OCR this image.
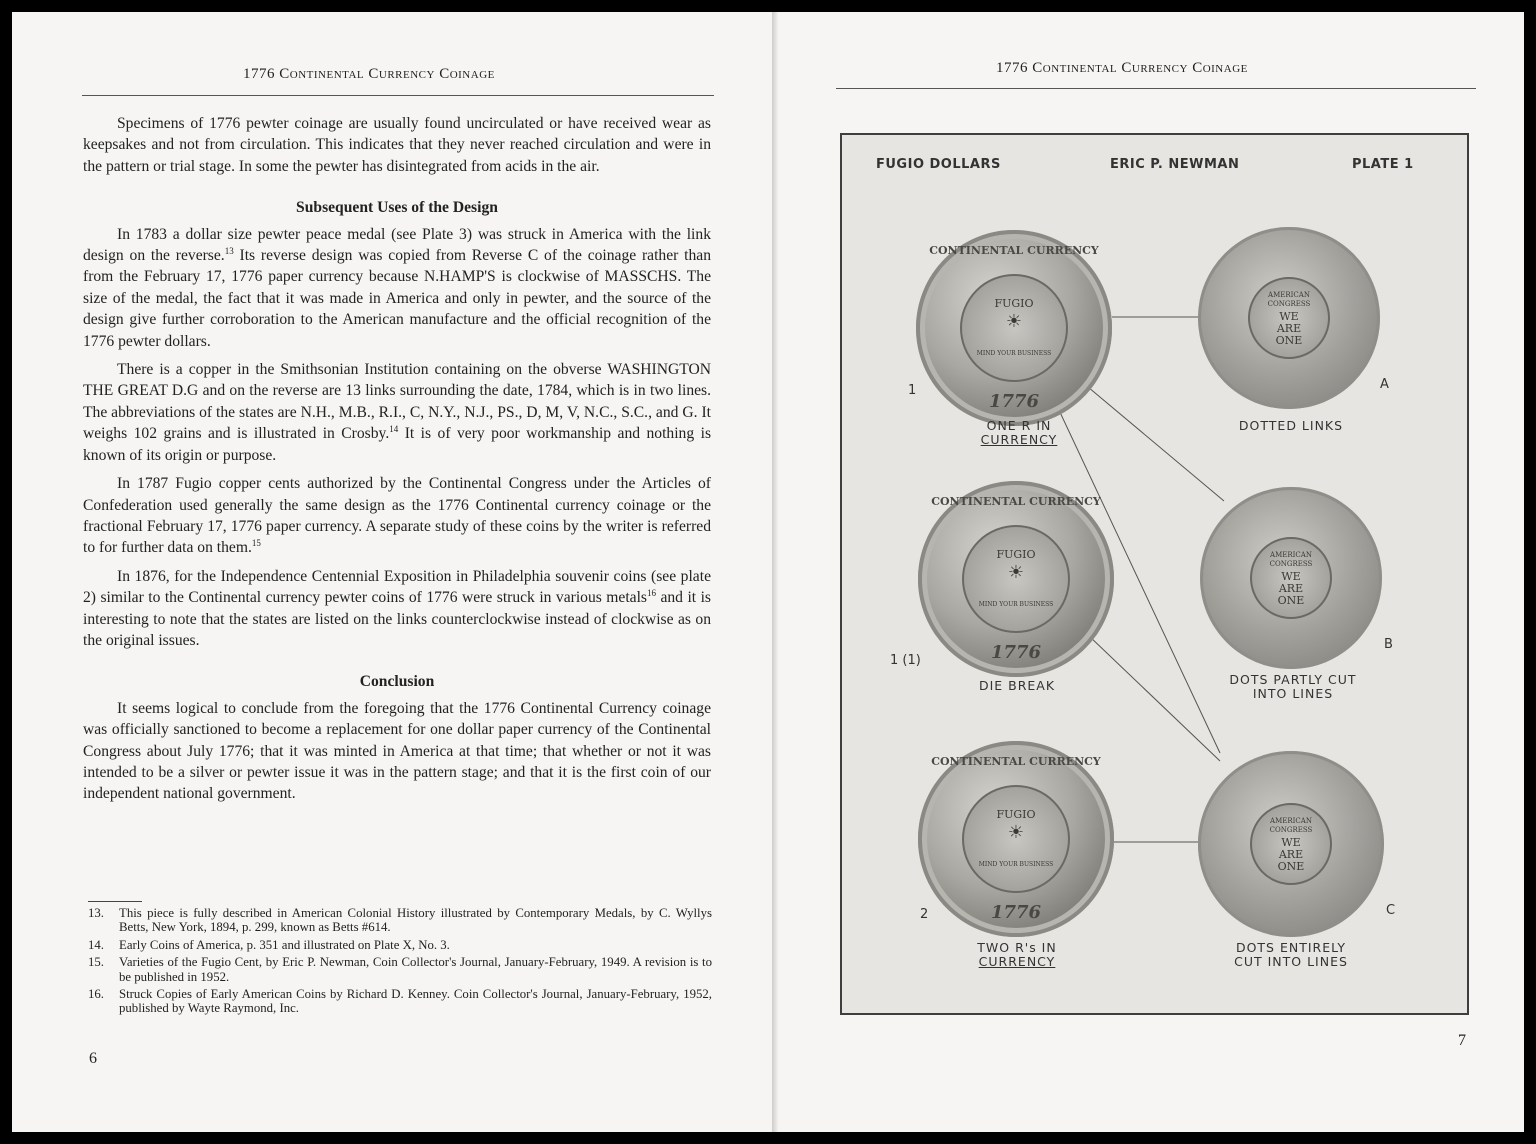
1776 Continental Currency Coinage

Specimens of 1776 pewter coinage are usually found uncirculated or have received wear as keepsakes and not from circulation. This indicates that they never reached circulation and were in the pattern or trial stage. In some the pewter has disintegrated from acids in the air.

Subsequent Uses of the Design

In 1783 a dollar size pewter peace medal (see Plate 3) was struck in America with the link design on the reverse.$^{13}$ Its reverse design was copied from Reverse C of the coinage rather than from the February 17, 1776 paper currency because N.HAMP'S is clockwise of MASSCHS. The size of the medal, the fact that it was made in America and only in pewter, and the source of the design give further corroboration to the American manufacture and the official recognition of the 1776 pewter dollars.

There is a copper in the Smithsonian Institution containing on the obverse WASHINGTON THE GREAT D.G and on the reverse are 13 links surrounding the date, 1784, which is in two lines. The abbreviations of the states are N.H., M.B., R.I., C, N.Y., N.J., PS., D, M, V, N.C., S.C., and G. It weighs 102 grains and is illustrated in Crosby.$^{14}$ It is of very poor workmanship and nothing is known of its origin or purpose.

In 1787 Fugio copper cents authorized by the Continental Congress under the Articles of Confederation used generally the same design as the 1776 Continental currency coinage or the fractional February 17, 1776 paper currency. A separate study of these coins by the writer is referred to for further data on them.$^{15}$

In 1876, for the Independence Centennial Exposition in Philadelphia souvenir coins (see plate 2) similar to the Continental currency pewter coins of 1776 were struck in various metals$^{16}$ and it is interesting to note that the states are listed on the links counterclockwise instead of clockwise as on the original issues.

Conclusion

It seems logical to conclude from the foregoing that the 1776 Continental Currency coinage was officially sanctioned to become a replacement for one dollar paper currency of the Continental Congress about July 1776; that it was minted in America at that time; that whether or not it was intended to be a silver or pewter issue it was in the pattern stage; and that it is the first coin of our independent national government.

13.	This piece is fully described in American Colonial History illustrated by Contemporary Medals, by C. Wyllys Betts, New York, 1894, p. 299, known as Betts #614.
14.	Early Coins of America, p. 351 and illustrated on Plate X, No. 3.
15.	Varieties of the Fugio Cent, by Eric P. Newman, Coin Collector's Journal, January-February, 1949. A revision is to be published in 1952.
16.	Struck Copies of Early American Coins by Richard D. Kenney. Coin Collector's Journal, January-February, 1952, published by Wayte Raymond, Inc.
6
1776 Continental Currency Coinage
FUGIO DOLLARS	ERIC P. NEWMAN	PLATE 1
CONTINENTAL CURRENCY
FUGIO
☀
MIND YOUR BUSINESS
1776
1
ONE R IN
CURRENCY
AMERICAN
CONGRESS
WE
ARE
ONE
A
DOTTED LINKS
CONTINENTAL CURRENCY
FUGIO
☀
MIND YOUR BUSINESS
1776
1 (1)
DIE BREAK
AMERICAN
CONGRESS
WE
ARE
ONE
B
DOTS PARTLY CUT
INTO LINES
CONTINENTAL CURRENCY
FUGIO
☀
MIND YOUR BUSINESS
1776
2
TWO R's IN
CURRENCY
AMERICAN
CONGRESS
WE
ARE
ONE
C
DOTS ENTIRELY
CUT INTO LINES
7
